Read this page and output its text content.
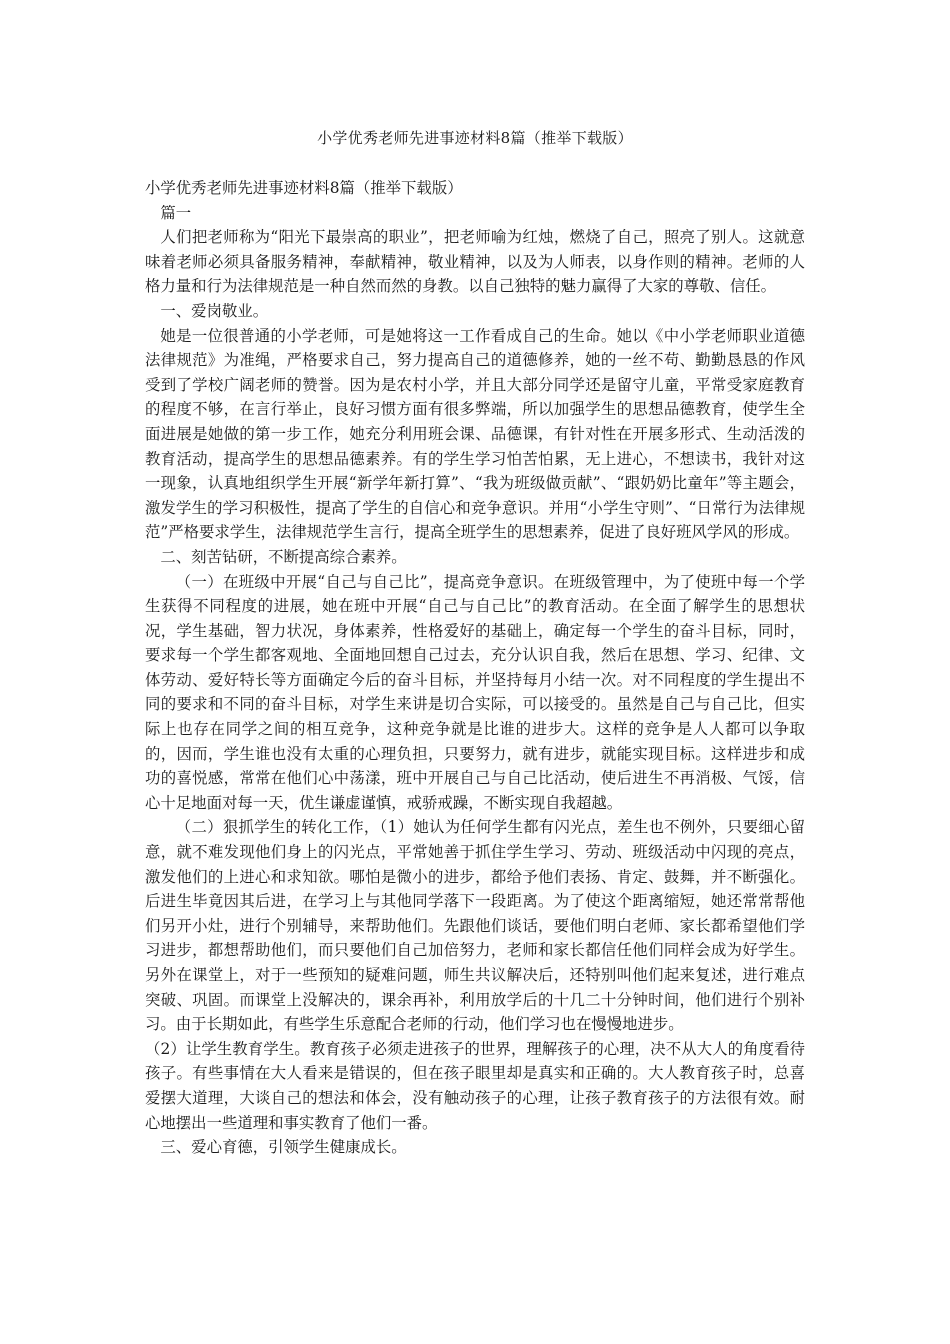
小学优秀老师先进事迹材料8篇（推举下载版）

小学优秀老师先进事迹材料8篇（推举下载版）

篇一

人们把老师称为“阳光下最崇高的职业”，把老师喻为红烛，燃烧了自己，照亮了别人。这就意味着老师必须具备服务精神，奉献精神，敬业精神，以及为人师表，以身作则的精神。老师的人格力量和行为法律规范是一种自然而然的身教。以自己独特的魅力赢得了大家的尊敬、信任。

一、爱岗敬业。

她是一位很普通的小学老师，可是她将这一工作看成自己的生命。她以《中小学老师职业道德法律规范》为准绳，严格要求自己，努力提高自己的道德修养，她的一丝不苟、勤勤恳恳的作风受到了学校广阔老师的赞誉。因为是农村小学，并且大部分同学还是留守儿童，平常受家庭教育的程度不够，在言行举止，良好习惯方面有很多弊端，所以加强学生的思想品德教育，使学生全面进展是她做的第一步工作，她充分利用班会课、品德课，有针对性在开展多形式、生动活泼的教育活动，提高学生的思想品德素养。有的学生学习怕苦怕累，无上进心，不想读书，我针对这一现象，认真地组织学生开展“新学年新打算”、“我为班级做贡献”、“跟奶奶比童年”等主题会，激发学生的学习积极性，提高了学生的自信心和竞争意识。并用“小学生守则”、“日常行为法律规范”严格要求学生，法律规范学生言行，提高全班学生的思想素养，促进了良好班风学风的形成。

二、刻苦钻研，不断提高综合素养。

（一）在班级中开展“自己与自己比”，提高竞争意识。在班级管理中，为了使班中每一个学生获得不同程度的进展，她在班中开展“自己与自己比”的教育活动。在全面了解学生的思想状况，学生基础，智力状况，身体素养，性格爱好的基础上，确定每一个学生的奋斗目标，同时，要求每一个学生都客观地、全面地回想自己过去，充分认识自我，然后在思想、学习、纪律、文体劳动、爱好特长等方面确定今后的奋斗目标，并坚持每月小结一次。对不同程度的学生提出不同的要求和不同的奋斗目标，对学生来讲是切合实际，可以接受的。虽然是自己与自己比，但实际上也存在同学之间的相互竞争，这种竞争就是比谁的进步大。这样的竞争是人人都可以争取的，因而，学生谁也没有太重的心理负担，只要努力，就有进步，就能实现目标。这样进步和成功的喜悦感，常常在他们心中荡漾，班中开展自己与自己比活动，使后进生不再消极、气馁，信心十足地面对每一天，优生谦虚谨慎，戒骄戒躁，不断实现自我超越。

（二）狠抓学生的转化工作，（1）她认为任何学生都有闪光点，差生也不例外，只要细心留意，就不难发现他们身上的闪光点，平常她善于抓住学生学习、劳动、班级活动中闪现的亮点，激发他们的上进心和求知欲。哪怕是微小的进步，都给予他们表扬、肯定、鼓舞，并不断强化。后进生毕竟因其后进，在学习上与其他同学落下一段距离。为了使这个距离缩短，她还常常帮他们另开小灶，进行个别辅导，来帮助他们。先跟他们谈话，要他们明白老师、家长都希望他们学习进步，都想帮助他们，而只要他们自己加倍努力，老师和家长都信任他们同样会成为好学生。另外在课堂上，对于一些预知的疑难问题，师生共议解决后，还特别叫他们起来复述，进行难点突破、巩固。而课堂上没解决的，课余再补，利用放学后的十几二十分钟时间，他们进行个别补习。由于长期如此，有些学生乐意配合老师的行动，他们学习也在慢慢地进步。

（2）让学生教育学生。教育孩子必须走进孩子的世界，理解孩子的心理，决不从大人的角度看待孩子。有些事情在大人看来是错误的，但在孩子眼里却是真实和正确的。大人教育孩子时，总喜爱摆大道理，大谈自己的想法和体会，没有触动孩子的心理，让孩子教育孩子的方法很有效。耐心地摆出一些道理和事实教育了他们一番。

三、爱心育德，引领学生健康成长。
